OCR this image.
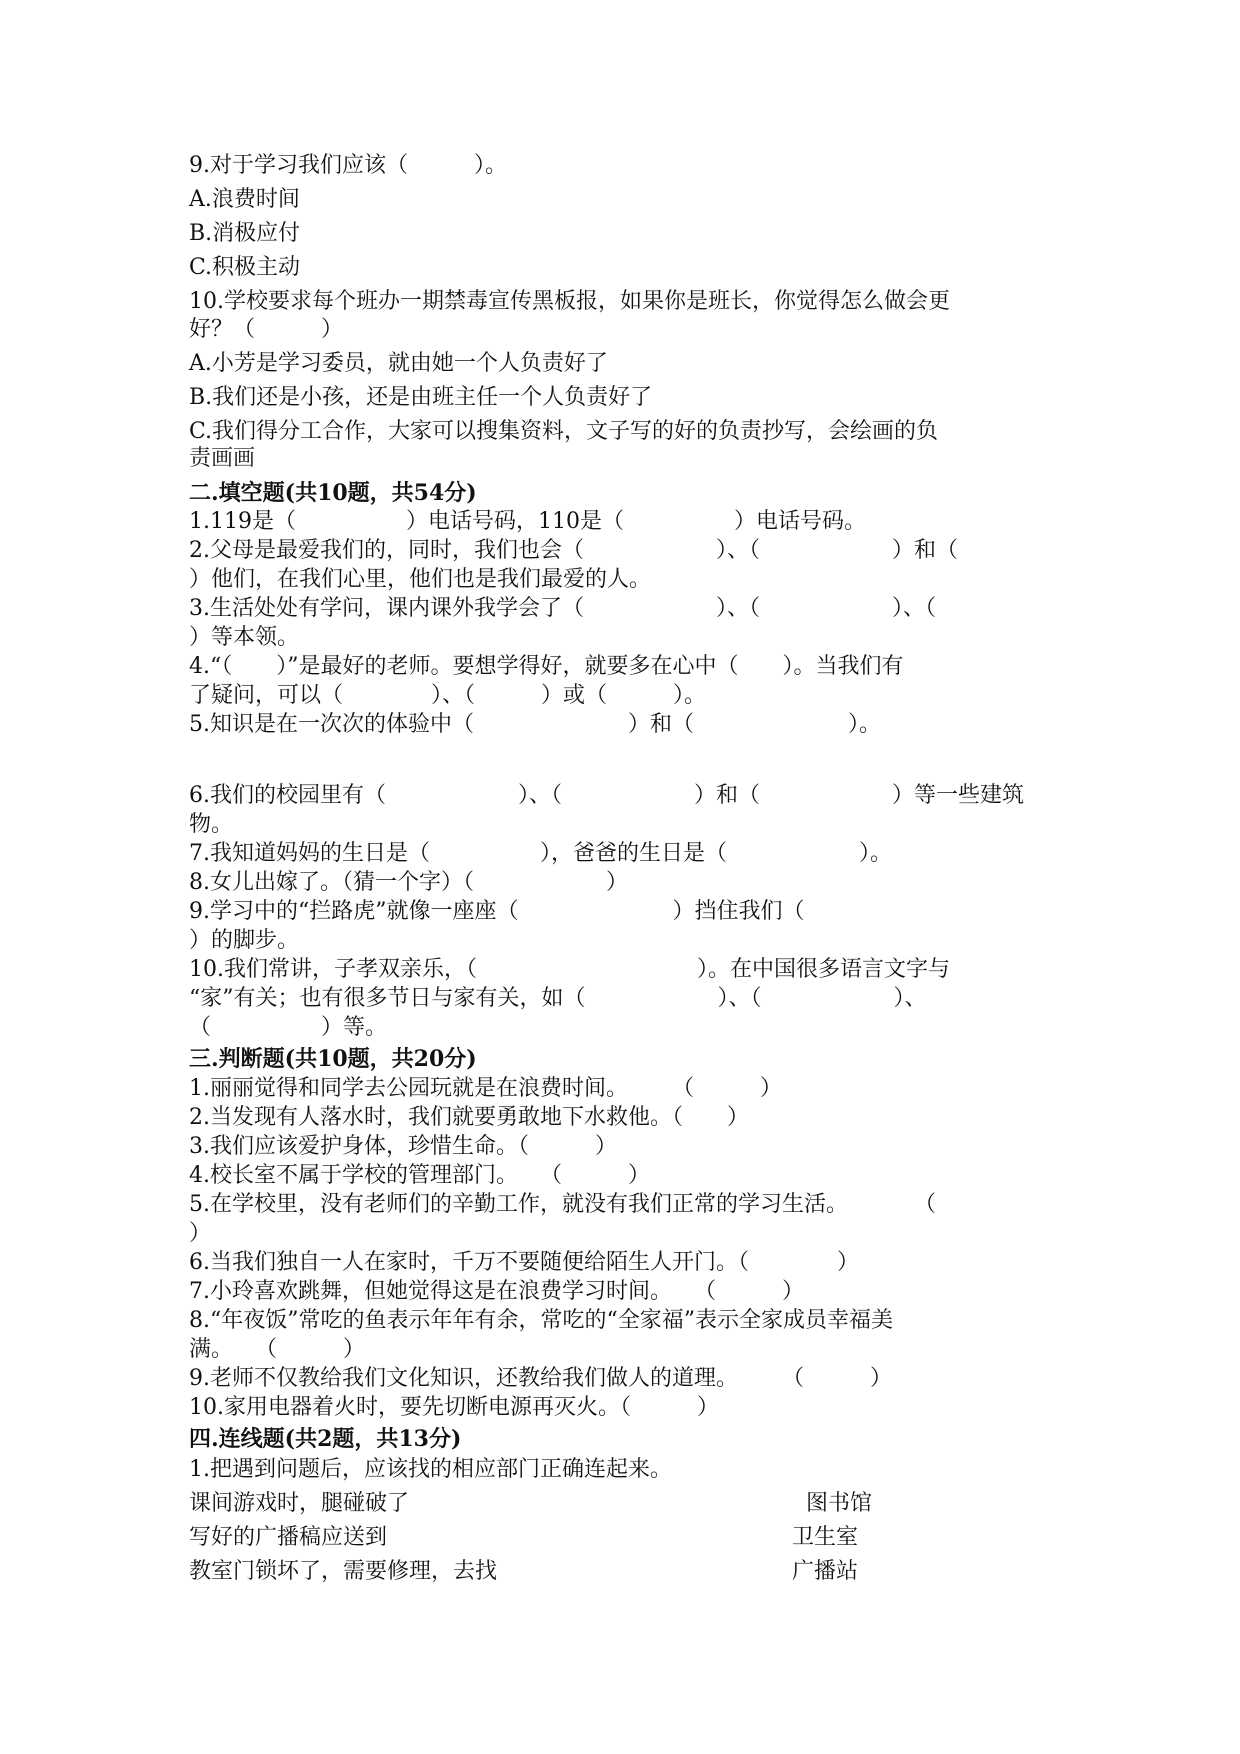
9.对于学习我们应该（　　　）。
A.浪费时间
B.消极应付
C.积极主动
10.学校要求每个班办一期禁毒宣传黑板报，如果你是班长，你觉得怎么做会更
好？（　　　）
A.小芳是学习委员，就由她一个人负责好了
B.我们还是小孩，还是由班主任一个人负责好了
C.我们得分工合作，大家可以搜集资料，文子写的好的负责抄写，会绘画的负
责画画
二.填空题(共10题，共54分)
1.119是（　　　　　）电话号码，110是（　　　　　）电话号码。
2.父母是最爱我们的，同时，我们也会（　　　　　　）、（　　　　　　）和（
）他们，在我们心里，他们也是我们最爱的人。
3.生活处处有学问，课内课外我学会了（　　　　　　）、（　　　　　　）、（
）等本领。
4.“（　　）”是最好的老师。要想学得好，就要多在心中（　　）。当我们有
了疑问，可以（　　　　）、（　　　）或（　　　）。
5.知识是在一次次的体验中（　　　　　　　）和（　　　　　　　）。
6.我们的校园里有（　　　　　　）、（　　　　　　）和（　　　　　　）等一些建筑
物。
7.我知道妈妈的生日是（　　　　　），爸爸的生日是（　　　　　　）。
8.女儿出嫁了。（猜一个字）（　　　　　　）
9.学习中的“拦路虎”就像一座座（　　　　　　　）挡住我们（
）的脚步。
10.我们常讲，子孝双亲乐，（　　　　　　　　　　）。在中国很多语言文字与
“家”有关；也有很多节日与家有关，如（　　　　　　）、（　　　　　　）、
（　　　　　）等。
三.判断题(共10题，共20分)
1.丽丽觉得和同学去公园玩就是在浪费时间。　　　（　　　）
2.当发现有人落水时，我们就要勇敢地下水救他。（　　）
3.我们应该爱护身体，珍惜生命。（　　　）
4.校长室不属于学校的管理部门。　　（　　　）
5.在学校里，没有老师们的辛勤工作，就没有我们正常的学习生活。　　　　（
）
6.当我们独自一人在家时，千万不要随便给陌生人开门。（　　　　）
7.小玲喜欢跳舞，但她觉得这是在浪费学习时间。　　（　　　）
8.“年夜饭”常吃的鱼表示年年有余，常吃的“全家福”表示全家成员幸福美
满。　　（　　　）
9.老师不仅教给我们文化知识，还教给我们做人的道理。　　　（　　　）
10.家用电器着火时，要先切断电源再灭火。（　　　）
四.连线题(共2题，共13分)
1.把遇到问题后，应该找的相应部门正确连起来。
课间游戏时，腿碰破了
写好的广播稿应送到
教室门锁坏了，需要修理，去找
图书馆
卫生室
广播站
